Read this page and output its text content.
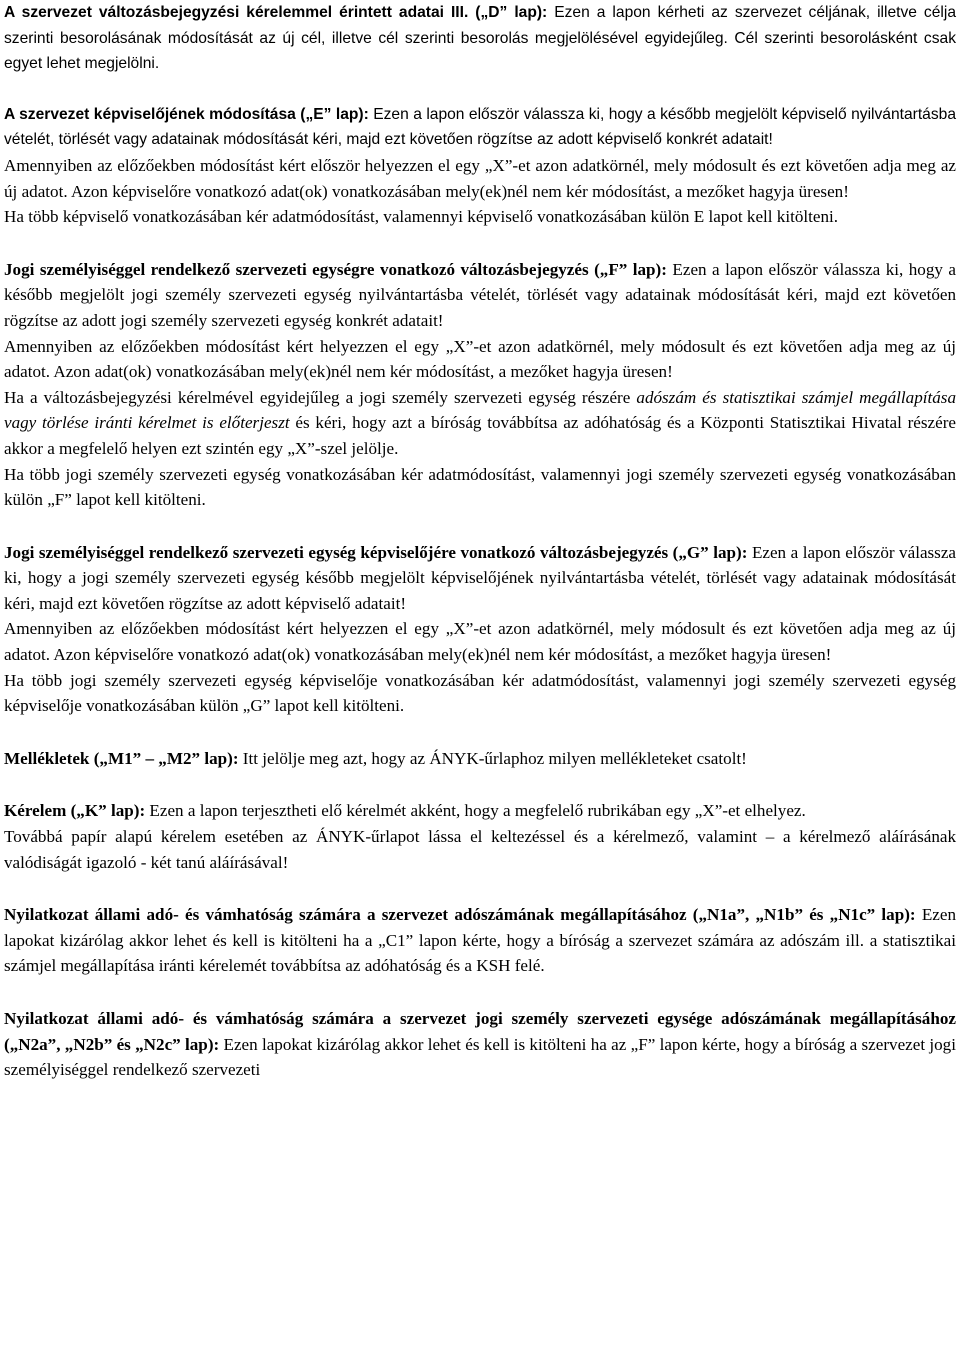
A szervezet változásbejegyzési kérelemmel érintett adatai III. („D” lap): Ezen a lapon kérheti az szervezet céljának, illetve célja szerinti besorolásának módosítását az új cél, illetve cél szerinti besorolás megjelölésével egyidejűleg. Cél szerinti besorolásként csak egyet lehet megjelölni.

A szervezet képviselőjének módosítása („E” lap): Ezen a lapon először válassza ki, hogy a később megjelölt képviselő nyilvántartásba vételét, törlését vagy adatainak módosítását kéri, majd ezt követően rögzítse az adott képviselő konkrét adatait!

Amennyiben az előzőekben módosítást kért először helyezzen el egy „X”-et azon adatkörnél, mely módosult és ezt követően adja meg az új adatot. Azon képviselőre vonatkozó adat(ok) vonatkozásában mely(ek)nél nem kér módosítást, a mezőket hagyja üresen!

Ha több képviselő vonatkozásában kér adatmódosítást, valamennyi képviselő vonatkozásában külön E lapot kell kitölteni.

Jogi személyiséggel rendelkező szervezeti egységre vonatkozó változásbejegyzés („F” lap): Ezen a lapon először válassza ki, hogy a később megjelölt jogi személy szervezeti egység nyilvántartásba vételét, törlését vagy adatainak módosítását kéri, majd ezt követően rögzítse az adott jogi személy szervezeti egység konkrét adatait!

Amennyiben az előzőekben módosítást kért helyezzen el egy „X”-et azon adatkörnél, mely módosult és ezt követően adja meg az új adatot. Azon adat(ok) vonatkozásában mely(ek)nél nem kér módosítást, a mezőket hagyja üresen!

Ha a változásbejegyzési kérelmével egyidejűleg a jogi személy szervezeti egység részére adószám és statisztikai számjel megállapítása vagy törlése iránti kérelmet is előterjeszt és kéri, hogy azt a bíróság továbbítsa az adóhatóság és a Központi Statisztikai Hivatal részére akkor a megfelelő helyen ezt szintén egy „X”-szel jelölje.

Ha több jogi személy szervezeti egység vonatkozásában kér adatmódosítást, valamennyi jogi személy szervezeti egység vonatkozásában külön „F” lapot kell kitölteni.

Jogi személyiséggel rendelkező szervezeti egység képviselőjére vonatkozó változásbejegyzés („G” lap): Ezen a lapon először válassza ki, hogy a jogi személy szervezeti egység később megjelölt képviselőjének nyilvántartásba vételét, törlését vagy adatainak módosítását kéri, majd ezt követően rögzítse az adott képviselő adatait!

Amennyiben az előzőekben módosítást kért helyezzen el egy „X”-et azon adatkörnél, mely módosult és ezt követően adja meg az új adatot. Azon képviselőre vonatkozó adat(ok) vonatkozásában mely(ek)nél nem kér módosítást, a mezőket hagyja üresen!

Ha több jogi személy szervezeti egység képviselője vonatkozásában kér adatmódosítást, valamennyi jogi személy szervezeti egység képviselője vonatkozásában külön „G” lapot kell kitölteni.

Mellékletek („M1” – „M2” lap): Itt jelölje meg azt, hogy az ÁNYK-űrlaphoz milyen mellékleteket csatolt!

Kérelem („K” lap): Ezen a lapon terjesztheti elő kérelmét akként, hogy a megfelelő rubrikában egy „X”-et elhelyez.

Továbbá papír alapú kérelem esetében az ÁNYK-űrlapot lássa el keltezéssel és a kérelmező, valamint – a kérelmező aláírásának valódiságát igazoló - két tanú aláírásával!

Nyilatkozat állami adó- és vámhatóság számára a szervezet adószámának megállapításához („N1a”, „N1b” és „N1c” lap): Ezen lapokat kizárólag akkor lehet és kell is kitölteni ha a „C1” lapon kérte, hogy a bíróság a szervezet számára az adószám ill. a statisztikai számjel megállapítása iránti kérelemét továbbítsa az adóhatóság és a KSH felé.

Nyilatkozat állami adó- és vámhatóság számára a szervezet jogi személy szervezeti egysége adószámának megállapításához („N2a”, „N2b” és „N2c” lap): Ezen lapokat kizárólag akkor lehet és kell is kitölteni ha az „F” lapon kérte, hogy a bíróság a szervezet jogi személyiséggel rendelkező szervezeti
